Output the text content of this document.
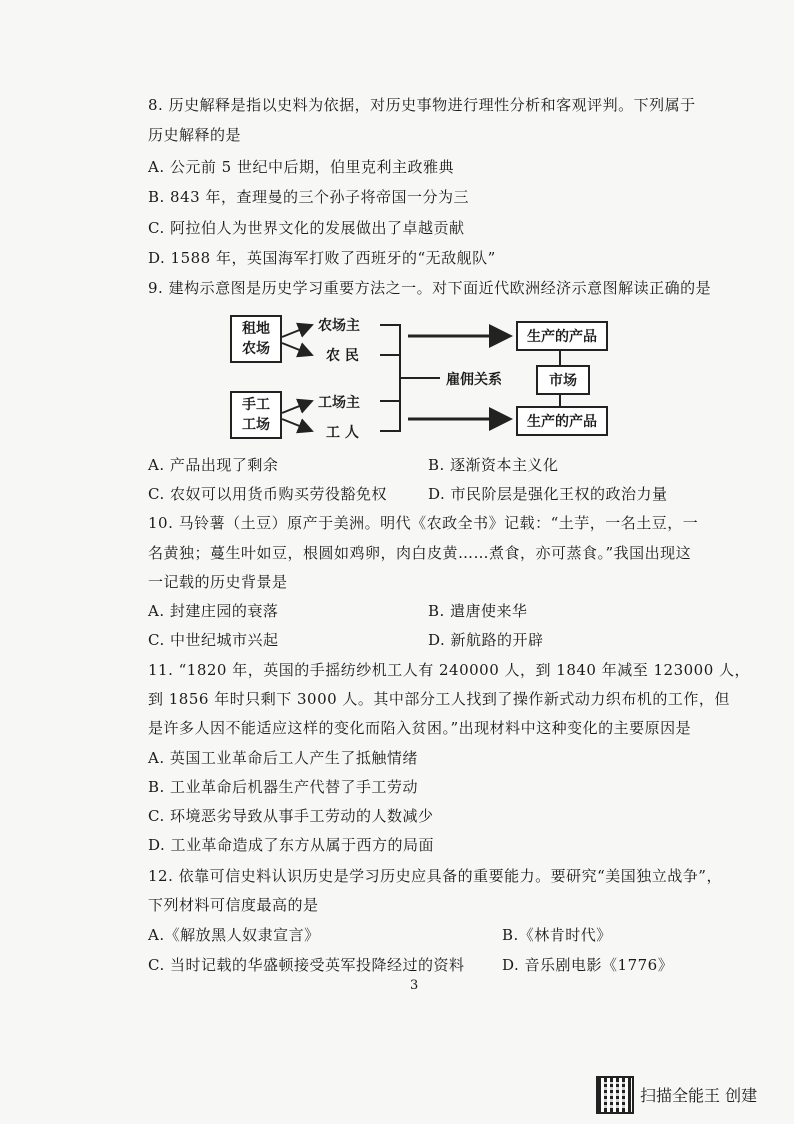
8. 历史解释是指以史料为依据，对历史事物进行理性分析和客观评判。下列属于
历史解释的是
A. 公元前 5 世纪中后期，伯里克利主政雅典
B. 843 年，查理曼的三个孙子将帝国一分为三
C. 阿拉伯人为世界文化的发展做出了卓越贡献
D. 1588 年，英国海军打败了西班牙的“无敌舰队”
9. 建构示意图是历史学习重要方法之一。对下面近代欧洲经济示意图解读正确的是
租地
农场
手工
工场
农场主
农 民
工场主
工 人
雇佣关系
生产的产品
市场
生产的产品
A. 产品出现了剩余	B. 逐渐资本主义化
C. 农奴可以用货币购买劳役豁免权	D. 市民阶层是强化王权的政治力量
10. 马铃薯（土豆）原产于美洲。明代《农政全书》记载：“土芋，一名土豆，一
名黄独；蔓生叶如豆，根圆如鸡卵，肉白皮黄……煮食，亦可蒸食。”我国出现这
一记载的历史背景是
A. 封建庄园的衰落	B. 遣唐使来华
C. 中世纪城市兴起	D. 新航路的开辟
11. “1820 年，英国的手摇纺纱机工人有 240000 人，到 1840 年减至 123000 人，
到 1856 年时只剩下 3000 人。其中部分工人找到了操作新式动力织布机的工作，但
是许多人因不能适应这样的变化而陷入贫困。”出现材料中这种变化的主要原因是
A. 英国工业革命后工人产生了抵触情绪
B. 工业革命后机器生产代替了手工劳动
C. 环境恶劣导致从事手工劳动的人数减少
D. 工业革命造成了东方从属于西方的局面
12. 依靠可信史料认识历史是学习历史应具备的重要能力。要研究“美国独立战争”，
下列材料可信度最高的是
A.《解放黑人奴隶宣言》	B.《林肯时代》
C. 当时记载的华盛顿接受英军投降经过的资料	D. 音乐剧电影《1776》
3
扫描全能王 创建
